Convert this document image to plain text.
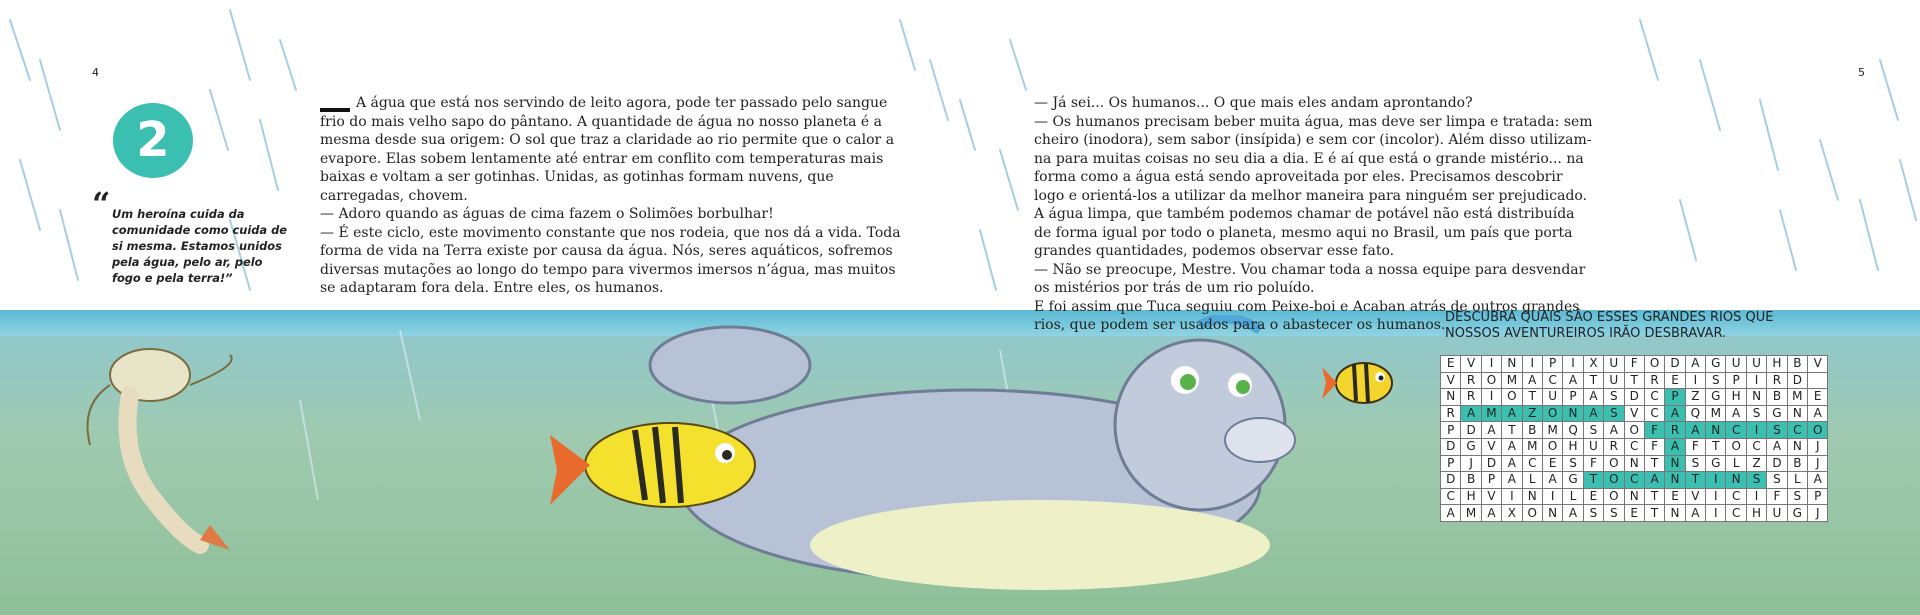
4	5
2
“ Um heroína cuida da comunidade como cuida de si mesma. Estamos unidos pela água, pelo ar, pelo fogo e pela terra!”

A água que está nos servindo de leito agora, pode ter passado pelo sangue frio do mais velho sapo do pântano. A quantidade de água no nosso planeta é a mesma desde sua origem: O sol que traz a claridade ao rio permite que o calor a evapore. Elas sobem lentamente até entrar em conflito com temperaturas mais baixas e voltam a ser gotinhas. Unidas, as gotinhas formam nuvens, que carregadas, chovem.

— Adoro quando as águas de cima fazem o Solimões borbulhar!

— É este ciclo, este movimento constante que nos rodeia, que nos dá a vida. Toda forma de vida na Terra existe por causa da água. Nós, seres aquáticos, sofremos diversas mutações ao longo do tempo para vivermos imersos n’água, mas muitos se adaptaram fora dela. Entre eles, os humanos.

— Já sei... Os humanos... O que mais eles andam aprontando?

— Os humanos precisam beber muita água, mas deve ser limpa e tratada: sem cheiro (inodora), sem sabor (insípida) e sem cor (incolor). Além disso utilizam-na para muitas coisas no seu dia a dia. E é aí que está o grande mistério... na forma como a água está sendo aproveitada por eles. Precisamos descobrir logo e orientá-los a utilizar da melhor maneira para ninguém ser prejudicado.

A água limpa, que também podemos chamar de potável não está distribuída de forma igual por todo o planeta, mesmo aqui no Brasil, um país que porta grandes quantidades, podemos observar esse fato.

— Não se preocupe, Mestre. Vou chamar toda a nossa equipe para desvendar os mistérios por trás de um rio poluído.

E foi assim que Tuca seguiu com Peixe-boi e Acaban atrás de outros grandes rios, que podem ser usados para o abastecer os humanos. DESCUBRA QUAIS SÃO ESSES GRANDES RIOS QUE NOSSOS AVENTUREIROS IRÃO DESBRAVAR.

E	V	I	N	I	P	I	X	U	F	O	D	A	G	U	U	H	B	V
V	R	O	M	A	C	A	T	U	T	R	E	I	S	P	I	R	D	
N	R	I	O	T	U	P	A	S	D	C	P	Z	G	H	N	B	M	E
R	A	M	A	Z	O	N	A	S	V	C	A	Q	M	A	S	G	N	A
P	D	A	T	B	M	Q	S	A	O	F	R	A	N	C	I	S	C	O
D	G	V	A	M	O	H	U	R	C	F	A	F	T	O	C	A	N	J
P	J	D	A	C	E	S	F	O	N	T	N	S	G	L	Z	D	B	J
D	B	P	A	L	A	G	T	O	C	A	N	T	I	N	S	S	L	A
C	H	V	I	N	I	L	E	O	N	T	E	V	I	C	I	F	S	P
A	M	A	X	O	N	A	S	S	E	T	N	A	I	C	H	U	G	J
